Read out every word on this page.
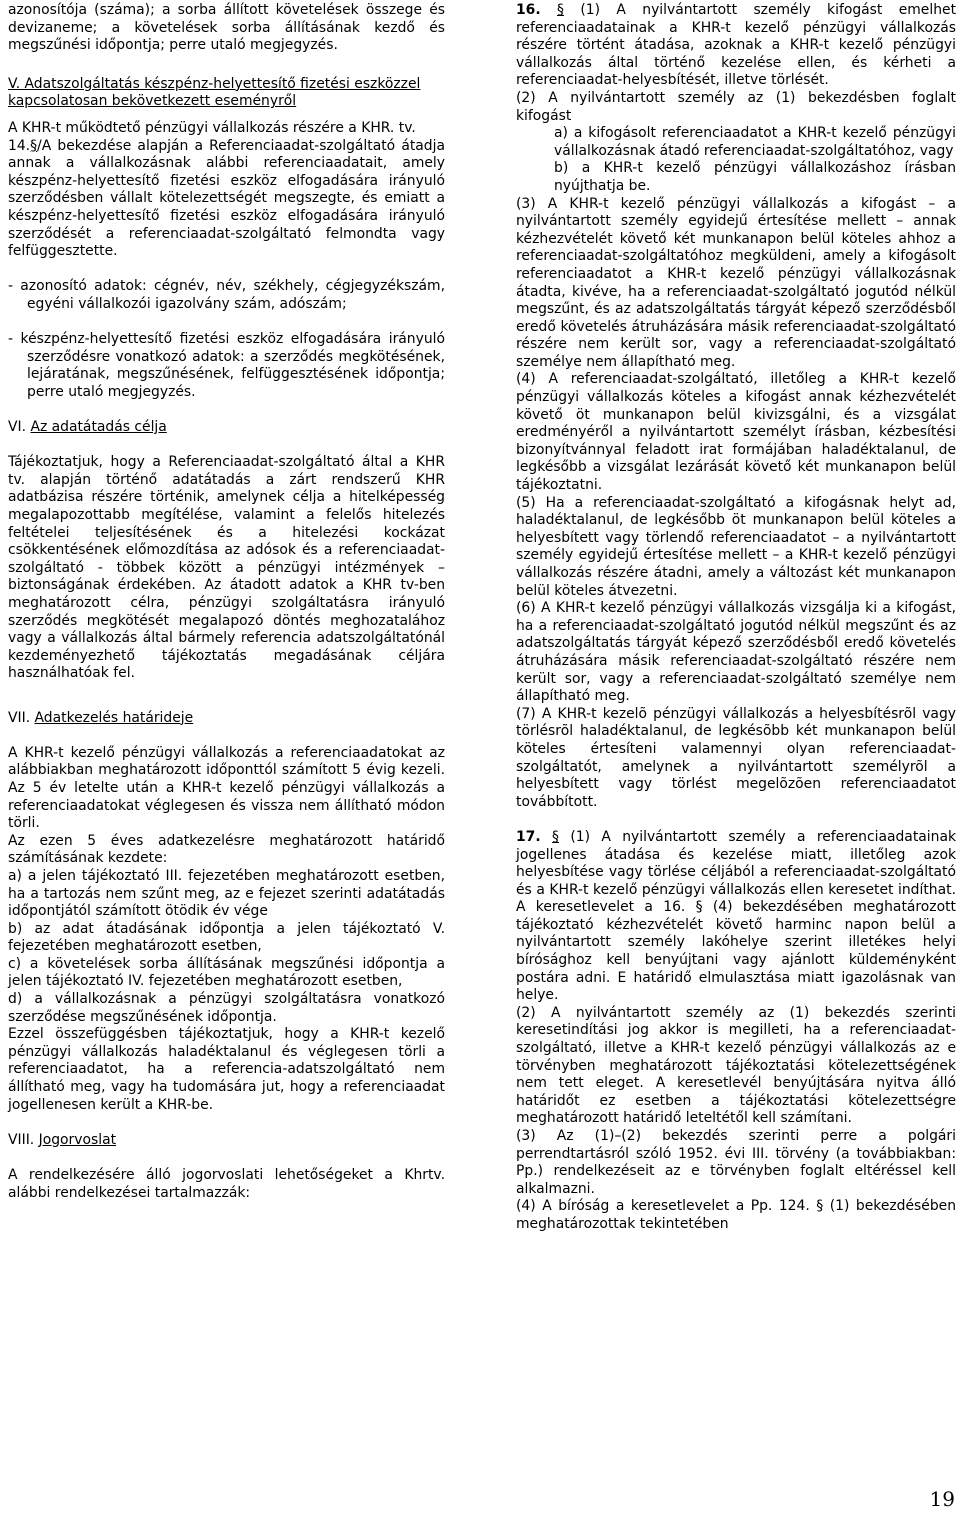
azonosítója (száma); a sorba állított követelések összege és devizaneme; a követelések sorba állításának kezdő és megszűnési időpontja; perre utaló megjegyzés.

V. Adatszolgáltatás készpénz-helyettesítő fizetési eszközzel kapcsolatosan bekövetkezett eseményről

A KHR-t működtető pénzügyi vállalkozás részére a KHR. tv.

14.§/A bekezdése alapján a Referenciaadat-szolgáltató átadja annak a vállalkozásnak alábbi referenciaadatait, amely készpénz-helyettesítő fizetési eszköz elfogadására irányuló szerződésben vállalt kötelezettségét megszegte, és emiatt a készpénz-helyettesítő fizetési eszköz elfogadására irányuló szerződését a referenciaadat-szolgáltató felmondta vagy felfüggesztette.

- azonosító adatok: cégnév, név, székhely, cégjegyzékszám, egyéni vállalkozói igazolvány szám, adószám;

- készpénz-helyettesítő fizetési eszköz elfogadására irányuló szerződésre vonatkozó adatok: a szerződés megkötésének, lejáratának, megszűnésének, felfüggesztésének időpontja; perre utaló megjegyzés.

VI. Az adatátadás célja

Tájékoztatjuk, hogy a Referenciaadat-szolgáltató által a KHR tv. alapján történő adatátadás a zárt rendszerű KHR adatbázisa részére történik, amelynek célja a hitelképesség megalapozottabb megítélése, valamint a felelős hitelezés feltételei teljesítésének és a hitelezési kockázat csökkentésének előmozdítása az adósok és a referenciaadat-szolgáltató - többek között a pénzügyi intézmények – biztonságának érdekében. Az átadott adatok a KHR tv-ben meghatározott célra, pénzügyi szolgáltatásra irányuló szerződés megkötését megalapozó döntés meghozatalához vagy a vállalkozás által bármely referencia adatszolgáltatónál kezdeményezhető tájékoztatás megadásának céljára használhatóak fel.

VII. Adatkezelés határideje

A KHR-t kezelő pénzügyi vállalkozás a referenciaadatokat az alábbiakban meghatározott időponttól számított 5 évig kezeli. Az 5 év letelte után a KHR-t kezelő pénzügyi vállalkozás a referenciaadatokat véglegesen és vissza nem állítható módon törli.

Az ezen 5 éves adatkezelésre meghatározott határidő számításának kezdete:

a) a jelen tájékoztató III. fejezetében meghatározott esetben, ha a tartozás nem szűnt meg, az e fejezet szerinti adatátadás időpontjától számított ötödik év vége

b) az adat átadásának időpontja a jelen tájékoztató V. fejezetében meghatározott esetben,

c) a követelések sorba állításának megszűnési időpontja a jelen tájékoztató IV. fejezetében meghatározott esetben,

d) a vállalkozásnak a pénzügyi szolgáltatásra vonatkozó szerződése megszűnésének időpontja.

Ezzel összefüggésben tájékoztatjuk, hogy a KHR-t kezelő pénzügyi vállalkozás haladéktalanul és véglegesen törli a referenciaadatot, ha a referencia-adatszolgáltató nem állítható meg, vagy ha tudomására jut, hogy a referenciaadat jogellenesen került a KHR-be.

VIII. Jogorvoslat

A rendelkezésére álló jogorvoslati lehetőségeket a Khrtv. alábbi rendelkezései tartalmazzák:

16. § (1) A nyilvántartott személy kifogást emelhet referenciaadatainak a KHR-t kezelő pénzügyi vállalkozás részére történt átadása, azoknak a KHR-t kezelő pénzügyi vállalkozás által történő kezelése ellen, és kérheti a referenciaadat-helyesbítését, illetve törlését.

(2) A nyilvántartott személy az (1) bekezdésben foglalt kifogást

a) a kifogásolt referenciaadatot a KHR-t kezelő pénzügyi vállalkozásnak átadó referenciaadat-szolgáltatóhoz, vagy

b) a KHR-t kezelő pénzügyi vállalkozáshoz írásban nyújthatja be.

(3) A KHR-t kezelő pénzügyi vállalkozás a kifogást – a nyilvántartott személy egyidejű értesítése mellett – annak kézhezvételét követő két munkanapon belül köteles ahhoz a referenciaadat-szolgáltatóhoz megküldeni, amely a kifogásolt referenciaadatot a KHR-t kezelő pénzügyi vállalkozásnak átadta, kivéve, ha a referenciaadat-szolgáltató jogutód nélkül megszűnt, és az adatszolgáltatás tárgyát képező szerződésből eredő követelés átruházására másik referenciaadat-szolgáltató részére nem került sor, vagy a referenciaadat-szolgáltató személye nem állapítható meg.

(4) A referenciaadat-szolgáltató, illetőleg a KHR-t kezelő pénzügyi vállalkozás köteles a kifogást annak kézhezvételét követő öt munkanapon belül kivizsgálni, és a vizsgálat eredményéről a nyilvántartott személyt írásban, kézbesítési bizonyítvánnyal feladott irat formájában haladéktalanul, de legkésőbb a vizsgálat lezárását követő két munkanapon belül tájékoztatni.

(5) Ha a referenciaadat-szolgáltató a kifogásnak helyt ad, haladéktalanul, de legkésőbb öt munkanapon belül köteles a helyesbített vagy törlendő referenciaadatot – a nyilvántartott személy egyidejű értesítése mellett – a KHR-t kezelő pénzügyi vállalkozás részére átadni, amely a változást két munkanapon belül köteles átvezetni.

(6) A KHR-t kezelő pénzügyi vállalkozás vizsgálja ki a kifogást, ha a referenciaadat-szolgáltató jogutód nélkül megszűnt és az adatszolgáltatás tárgyát képező szerződésből eredő követelés átruházására másik referenciaadat-szolgáltató részére nem került sor, vagy a referenciaadat-szolgáltató személye nem állapítható meg.

(7) A KHR-t kezelõ pénzügyi vállalkozás a helyesbítésrõl vagy törlésrõl haladéktalanul, de legkésõbb két munkanapon belül köteles értesíteni valamennyi olyan referenciaadat-szolgáltatót, amelynek a nyilvántartott személyrõl a helyesbített vagy törlést megelõzõen referenciaadatot továbbított.

17. § (1) A nyilvántartott személy a referenciaadatainak jogellenes átadása és kezelése miatt, illetőleg azok helyesbítése vagy törlése céljából a referenciaadat-szolgáltató és a KHR-t kezelő pénzügyi vállalkozás ellen keresetet indíthat. A keresetlevelet a 16. § (4) bekezdésében meghatározott tájékoztató kézhezvételét követő harminc napon belül a nyilvántartott személy lakóhelye szerint illetékes helyi bírósághoz kell benyújtani vagy ajánlott küldeményként postára adni. E határidő elmulasztása miatt igazolásnak van helye.

(2) A nyilvántartott személy az (1) bekezdés szerinti keresetindítási jog akkor is megilleti, ha a referenciaadat-szolgáltató, illetve a KHR-t kezelő pénzügyi vállalkozás az e törvényben meghatározott tájékoztatási kötelezettségének nem tett eleget. A keresetlevél benyújtására nyitva álló határidőt ez esetben a tájékoztatási kötelezettségre meghatározott határidő leteltétől kell számítani.

(3) Az (1)–(2) bekezdés szerinti perre a polgári perrendtartásról szóló 1952. évi III. törvény (a továbbiakban: Pp.) rendelkezéseit az e törvényben foglalt eltéréssel kell alkalmazni.

(4) A bíróság a keresetlevelet a Pp. 124. § (1) bekezdésében meghatározottak tekintetében

19
